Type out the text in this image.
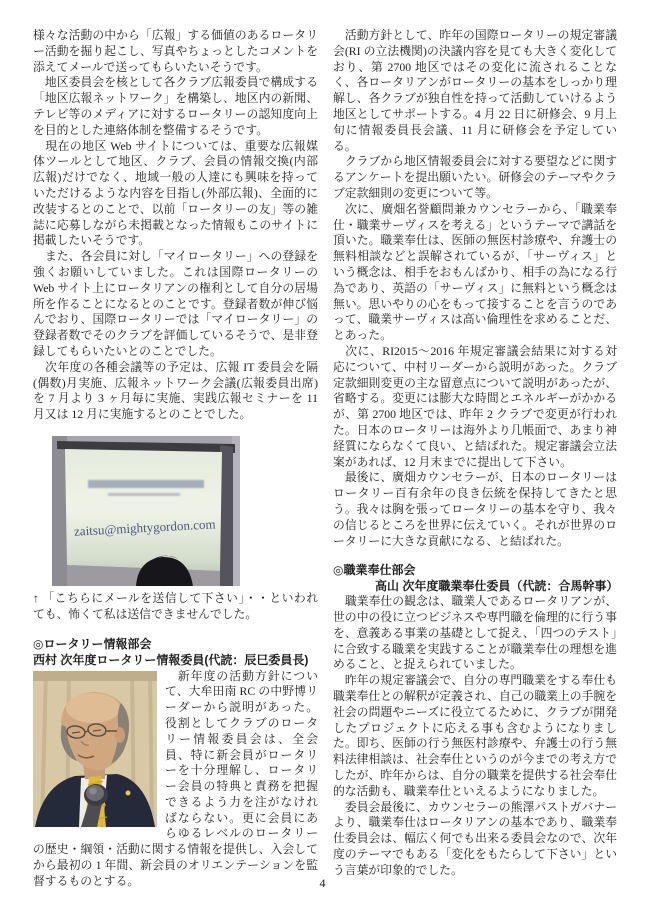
様々な活動の中から「広報」する価値のあるロータリー活動を掘り起こし、写真やちょっとしたコメントを添えてメールで送ってもらいたいそうです。

　地区委員会を核として各クラブ広報委員で構成する「地区広報ネットワーク」を構築し、地区内の新聞、テレビ等のメディアに対するロータリーの認知度向上を目的とした連絡体制を整備するそうです。

　現在の地区 Web サイトについては、重要な広報媒体ツールとして地区、クラブ、会員の情報交換(内部広報)だけでなく、地域一般の人達にも興味を持っていただけるような内容を目指し(外部広報)、全面的に改装するとのことで、以前「ロータリーの友」等の雑誌に応募しながら未掲載となった情報もこのサイトに掲載したいそうです。

　また、各会員に対し「マイロータリー」への登録を強くお願いしていました。これは国際ロータリーの Web サイト上にロータリアンの権利として自分の居場所を作ることになるとのことです。登録者数が伸び悩んでおり、国際ロータリーでは「マイロータリー」の登録者数でそのクラブを評価しているそうで、是非登録してもらいたいとのことでした。

　次年度の各種会議等の予定は、広報 IT 委員会を隔(偶数)月実施、広報ネットワーク会議(広報委員出席)を 7 月より 3 ヶ月毎に実施、実践広報セミナーを 11 月又は 12 月に実施するとのことでした。

zaitsu@mightygordon.com

↑ 「こちらにメールを送信して下さい」・・といわれても、怖くて私は送信できませんでした。

◎ロータリー情報部会
西村 次年度ロータリー情報委員(代読：辰巳委員長)
　新年度の活動方針について、大牟田南 RC の中野博リーダーから説明があった。役割としてクラブのロータリー情報委員会は、全会員、特に新会員がロータリーを十分理解し、ロータリー会員の特典と責務を把握できるよう力を注がなければならない。更に会員にあらゆるレベルのロータリーの歴史・綱領・活動に関する情報を提供し、入会してから最初の 1 年間、新会員のオリエンテーションを監督するものとする。

　活動方針として、昨年の国際ロータリーの規定審議会(RI の立法機関)の決議内容を見ても大きく変化しており、第 2700 地区ではその変化に流されることなく、各ロータリアンがロータリーの基本をしっかり理解し、各クラブが独自性を持って活動していけるよう地区としてサポートする。4 月 22 日に研修会、9 月上旬に情報委員長会議、11 月に研修会を予定している。

　クラブから地区情報委員会に対する要望などに関するアンケートを提出願いたい。研修会のテーマやクラブ定款細則の変更について等。

　次に、廣畑名誉顧問兼カウンセラーから、「職業奉仕・職業サーヴィスを考える」というテーマで講話を頂いた。職業奉仕は、医師の無医村診療や、弁護士の無料相談などと誤解されているが、「サーヴィス」という概念は、相手をおもんばかり、相手の為になる行為であり、英語の「サーヴィス」に無料という概念は無い。思いやりの心をもって接することを言うのであって、職業サーヴィスは高い倫理性を求めることだ、とあった。

　次に、RI2015～2016 年規定審議会結果に対する対応について、中村リーダーから説明があった。クラブ定款細則変更の主な留意点について説明があったが、省略する。変更には膨大な時間とエネルギーがかかるが、第 2700 地区では、昨年 2 クラブで変更が行われた。日本のロータリーは海外より几帳面で、あまり神経質にならなくて良い、と結ばれた。規定審議会立法案があれば、12 月末までに提出して下さい。

　最後に、廣畑カウンセラーが、日本のロータリーはロータリー百有余年の良き伝統を保持してきたと思う。我々は胸を張ってロータリーの基本を守り、我々の信じるところを世界に伝えていく。それが世界のロータリーに大きな貢献になる、と結ばれた。

◎職業奉仕部会
高山 次年度職業奉仕委員（代読：合馬幹事）

　職業奉仕の観念は、職業人であるロータリアンが、世の中の役に立つビジネスや専門職を倫理的に行う事を、意義ある事業の基礎として捉え、「四つのテスト」に合致する職業を実践することが職業奉仕の理想を進めること、と捉えられていました。

　昨年の規定審議会で、自分の専門職業をする奉仕も職業奉仕との解釈が定義され、自己の職業上の手腕を社会の問題やニーズに役立てるために、クラブが開発したプロジェクトに応える事も含むようになりました。即ち、医師の行う無医村診療や、弁護士の行う無料法律相談は、社会奉仕というのが今までの考え方でしたが、昨年からは、自分の職業を提供する社会奉仕的な活動も、職業奉仕といえるようになりました。

　委員会最後に、カウンセラーの熊澤パストガバナーより、職業奉仕はロータリアンの基本であり、職業奉仕委員会は、幅広く何でも出来る委員会なので、次年度のテーマでもある「変化をもたらして下さい」という言葉が印象的でした。

4
